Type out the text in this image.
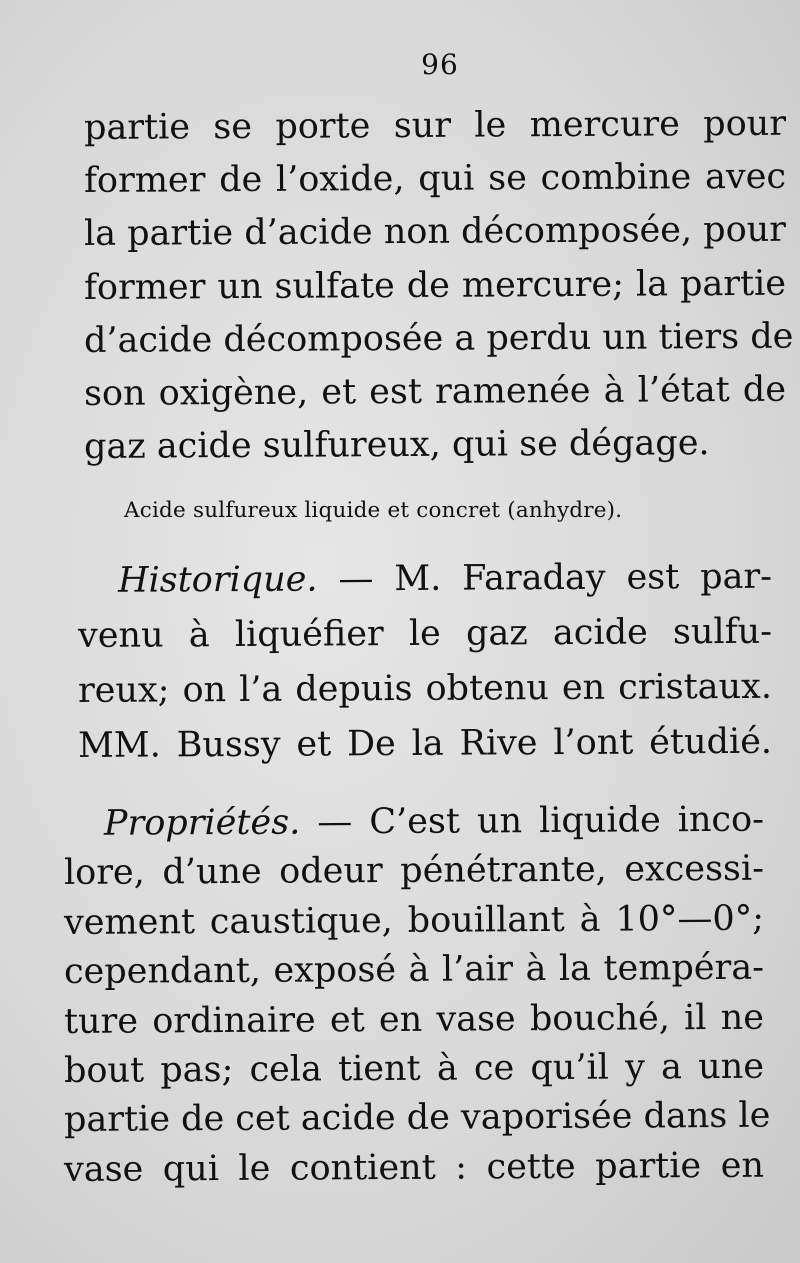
96
partie se porte sur le mercure pour
former de l’oxide, qui se combine avec
la partie d’acide non décomposée, pour
former un sulfate de mercure; la partie
d’acide décomposée a perdu un tiers de
son oxigène, et est ramenée à l’état de
gaz acide sulfureux, qui se dégage.
Acide sulfureux liquide et concret (anhydre).
Historique. — M. Faraday est par-
venu à liquéfier le gaz acide sulfu-
reux; on l’a depuis obtenu en cristaux.
MM. Bussy et De la Rive l’ont étudié.
Propriétés. — C’est un liquide inco-
lore, d’une odeur pénétrante, excessi-
vement caustique, bouillant à 10°—0°;
cependant, exposé à l’air à la tempéra-
ture ordinaire et en vase bouché, il ne
bout pas; cela tient à ce qu’il y a une
partie de cet acide de vaporisée dans le
vase qui le contient : cette partie en
